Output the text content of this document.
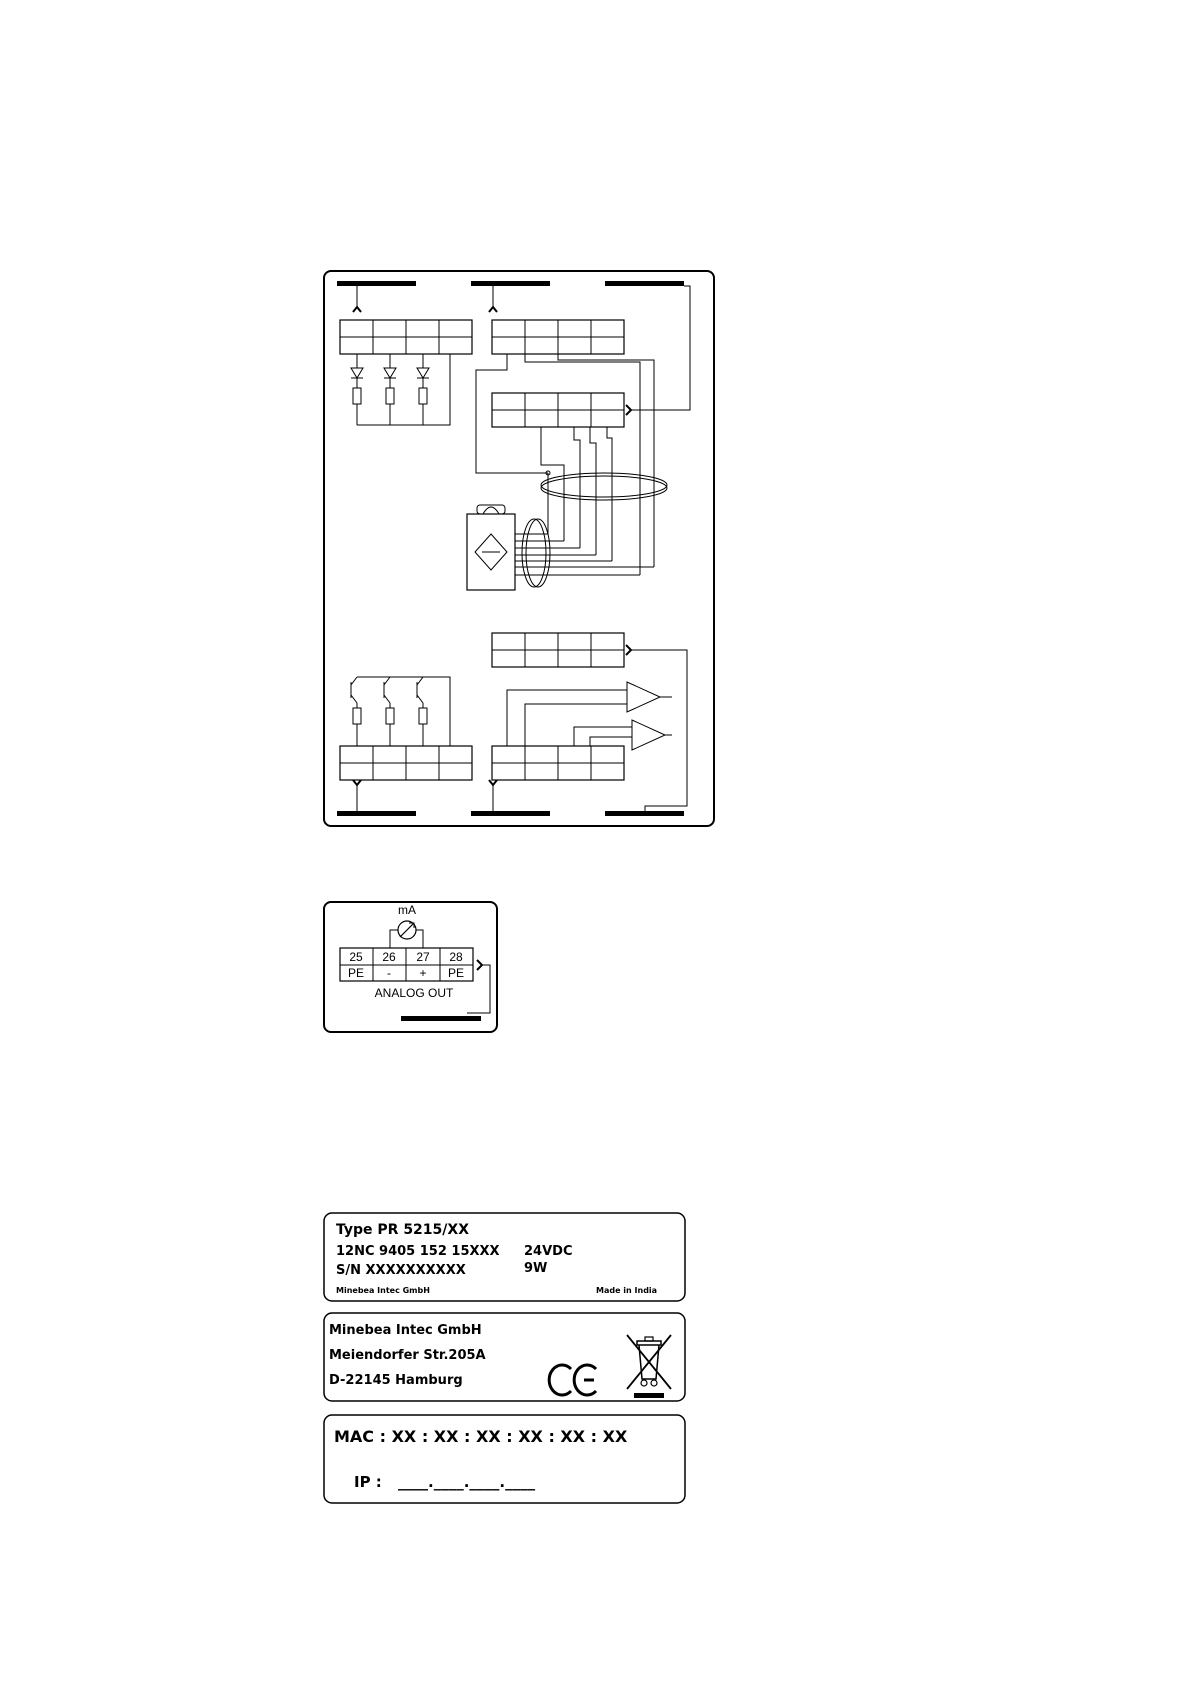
mA
25 26 27 28
PE - + PE
ANALOG OUT
Type PR 5215/XX
12NC 9405 152 15XXX
S/N XXXXXXXXXX
24VDC
9W
Minebea Intec GmbH	Made in India
Minebea Intec GmbH
Meiendorfer Str.205A
D-22145 Hamburg
MAC : XX : XX : XX : XX : XX : XX
IP : ____.____.____.____
